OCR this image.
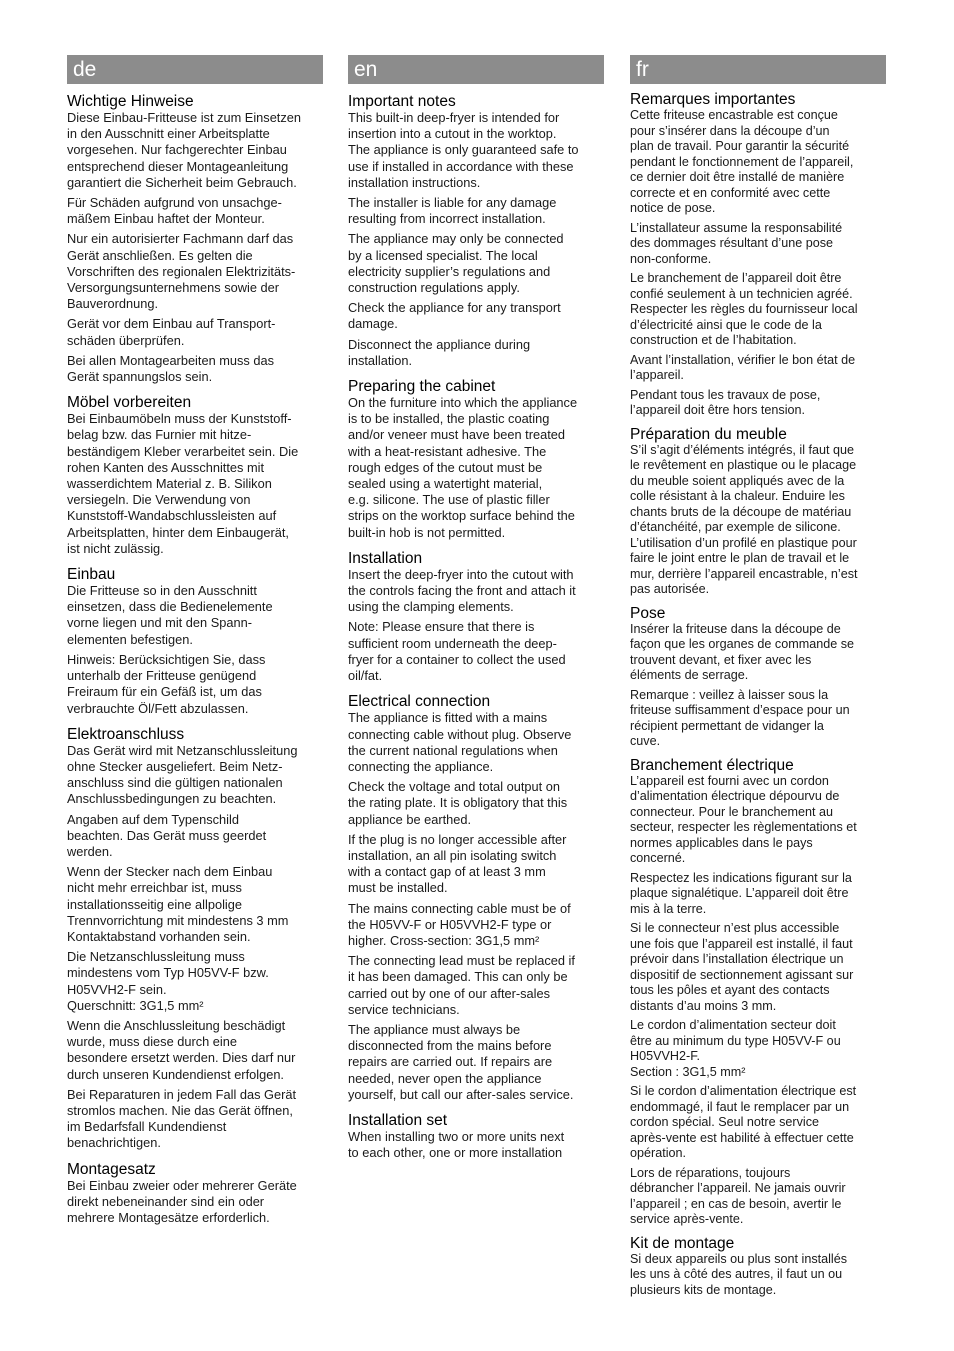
de
Wichtige Hinweise
Diese Einbau-Fritteuse ist zum Einsetzen
in den Ausschnitt einer Arbeitsplatte
vorgesehen. Nur fachgerechter Einbau
entsprechend dieser Montageanleitung
garantiert die Sicherheit beim Gebrauch.
Für Schäden aufgrund von unsachge-
mäßem Einbau haftet der Monteur.
Nur ein autorisierter Fachmann darf das
Gerät anschließen. Es gelten die
Vorschriften des regionalen Elektrizitäts-
Versorgungsunternehmens sowie der
Bauverordnung.
Gerät vor dem Einbau auf Transport-
schäden überprüfen.
Bei allen Montagearbeiten muss das
Gerät spannungslos sein.
Möbel vorbereiten
Bei Einbaumöbeln muss der Kunststoff-
belag bzw. das Furnier mit hitze-
beständigem Kleber verarbeitet sein. Die
rohen Kanten des Ausschnittes mit
wasserdichtem Material z. B. Silikon
versiegeln. Die Verwendung von
Kunststoff-Wandabschlussleisten auf
Arbeitsplatten, hinter dem Einbaugerät,
ist nicht zulässig.
Einbau
Die Fritteuse so in den Ausschnitt
einsetzen, dass die Bedienelemente
vorne liegen und mit den Spann-
elementen befestigen.
Hinweis: Berücksichtigen Sie, dass
unterhalb der Fritteuse genügend
Freiraum für ein Gefäß ist, um das
verbrauchte Öl/Fett abzulassen.
Elektroanschluss
Das Gerät wird mit Netzanschlussleitung
ohne Stecker ausgeliefert. Beim Netz-
anschluss sind die gültigen nationalen
Anschlussbedingungen zu beachten.
Angaben auf dem Typenschild
beachten. Das Gerät muss geerdet
werden.
Wenn der Stecker nach dem Einbau
nicht mehr erreichbar ist, muss
installationsseitig eine allpolige
Trennvorrichtung mit mindestens 3 mm
Kontaktabstand vorhanden sein.
Die Netzanschlussleitung muss
mindestens vom Typ H05VV-F bzw.
H05VVH2-F sein.
Querschnitt: 3G1,5 mm²
Wenn die Anschlussleitung beschädigt
wurde, muss diese durch eine
besondere ersetzt werden. Dies darf nur
durch unseren Kundendienst erfolgen.
Bei Reparaturen in jedem Fall das Gerät
stromlos machen. Nie das Gerät öffnen,
im Bedarfsfall Kundendienst
benachrichtigen.
Montagesatz
Bei Einbau zweier oder mehrerer Geräte
direkt nebeneinander sind ein oder
mehrere Montagesätze erforderlich.
en
Important notes
This built-in deep-fryer is intended for
insertion into a cutout in the worktop.
The appliance is only guaranteed safe to
use if installed in accordance with these
installation instructions.
The installer is liable for any damage
resulting from incorrect installation.
The appliance may only be connected
by a licensed specialist. The local
electricity supplier’s regulations and
construction regulations apply.
Check the appliance for any transport
damage.
Disconnect the appliance during
installation.
Preparing the cabinet
On the furniture into which the appliance
is to be installed, the plastic coating
and/or veneer must have been treated
with a heat-resistant adhesive. The
rough edges of the cutout must be
sealed using a watertight material,
e.g. silicone. The use of plastic filler
strips on the worktop surface behind the
built-in hob is not permitted.
Installation
Insert the deep-fryer into the cutout with
the controls facing the front and attach it
using the clamping elements.
Note: Please ensure that there is
sufficient room underneath the deep-
fryer for a container to collect the used
oil/fat.
Electrical connection
The appliance is fitted with a mains
connecting cable without plug. Observe
the current national regulations when
connecting the appliance.
Check the voltage and total output on
the rating plate. It is obligatory that this
appliance be earthed.
If the plug is no longer accessible after
installation, an all pin isolating switch
with a contact gap of at least 3 mm
must be installed.
The mains connecting cable must be of
the H05VV-F or H05VVH2-F type or
higher. Cross-section: 3G1,5 mm²
The connecting lead must be replaced if
it has been damaged. This can only be
carried out by one of our after-sales
service technicians.
The appliance must always be
disconnected from the mains before
repairs are carried out. If repairs are
needed, never open the appliance
yourself, but call our after-sales service.
Installation set
When installing two or more units next
to each other, one or more installation
fr
Remarques importantes
Cette friteuse encastrable est conçue
pour s’insérer dans la découpe d’un
plan de travail. Pour garantir la sécurité
pendant le fonctionnement de l’appareil,
ce dernier doit être installé de manière
correcte et en conformité avec cette
notice de pose.
L’installateur assume la responsabilité
des dommages résultant d’une pose
non-conforme.
Le branchement de l’appareil doit être
confié seulement à un technicien agréé.
Respecter les règles du fournisseur local
d’électricité ainsi que le code de la
construction et de l’habitation.
Avant l’installation, vérifier le bon état de
l’appareil.
Pendant tous les travaux de pose,
l’appareil doit être hors tension.
Préparation du meuble
S’il s’agit d’éléments intégrés, il faut que
le revêtement en plastique ou le placage
du meuble soient appliqués avec de la
colle résistant à la chaleur. Enduire les
chants bruts de la découpe de matériau
d’étanchéité, par exemple de silicone.
L’utilisation d’un profilé en plastique pour
faire le joint entre le plan de travail et le
mur, derrière l’appareil encastrable, n’est
pas autorisée.
Pose
Insérer la friteuse dans la découpe de
façon que les organes de commande se
trouvent devant, et fixer avec les
éléments de serrage.
Remarque : veillez à laisser sous la
friteuse suffisamment d’espace pour un
récipient permettant de vidanger la
cuve.
Branchement électrique
L’appareil est fourni avec un cordon
d’alimentation électrique dépourvu de
connecteur. Pour le branchement au
secteur, respecter les règlementations et
normes applicables dans le pays
concerné.
Respectez les indications figurant sur la
plaque signalétique. L’appareil doit être
mis à la terre.
Si le connecteur n’est plus accessible
une fois que l’appareil est installé, il faut
prévoir dans l’installation électrique un
dispositif de sectionnement agissant sur
tous les pôles et ayant des contacts
distants d’au moins 3 mm.
Le cordon d’alimentation secteur doit
être au minimum du type H05VV-F ou
H05VVH2-F.
Section : 3G1,5 mm²
Si le cordon d’alimentation électrique est
endommagé, il faut le remplacer par un
cordon spécial. Seul notre service
après-vente est habilité à effectuer cette
opération.
Lors de réparations, toujours
débrancher l’appareil. Ne jamais ouvrir
l’appareil ; en cas de besoin, avertir le
service après-vente.
Kit de montage
Si deux appareils ou plus sont installés
les uns à côté des autres, il faut un ou
plusieurs kits de montage.
